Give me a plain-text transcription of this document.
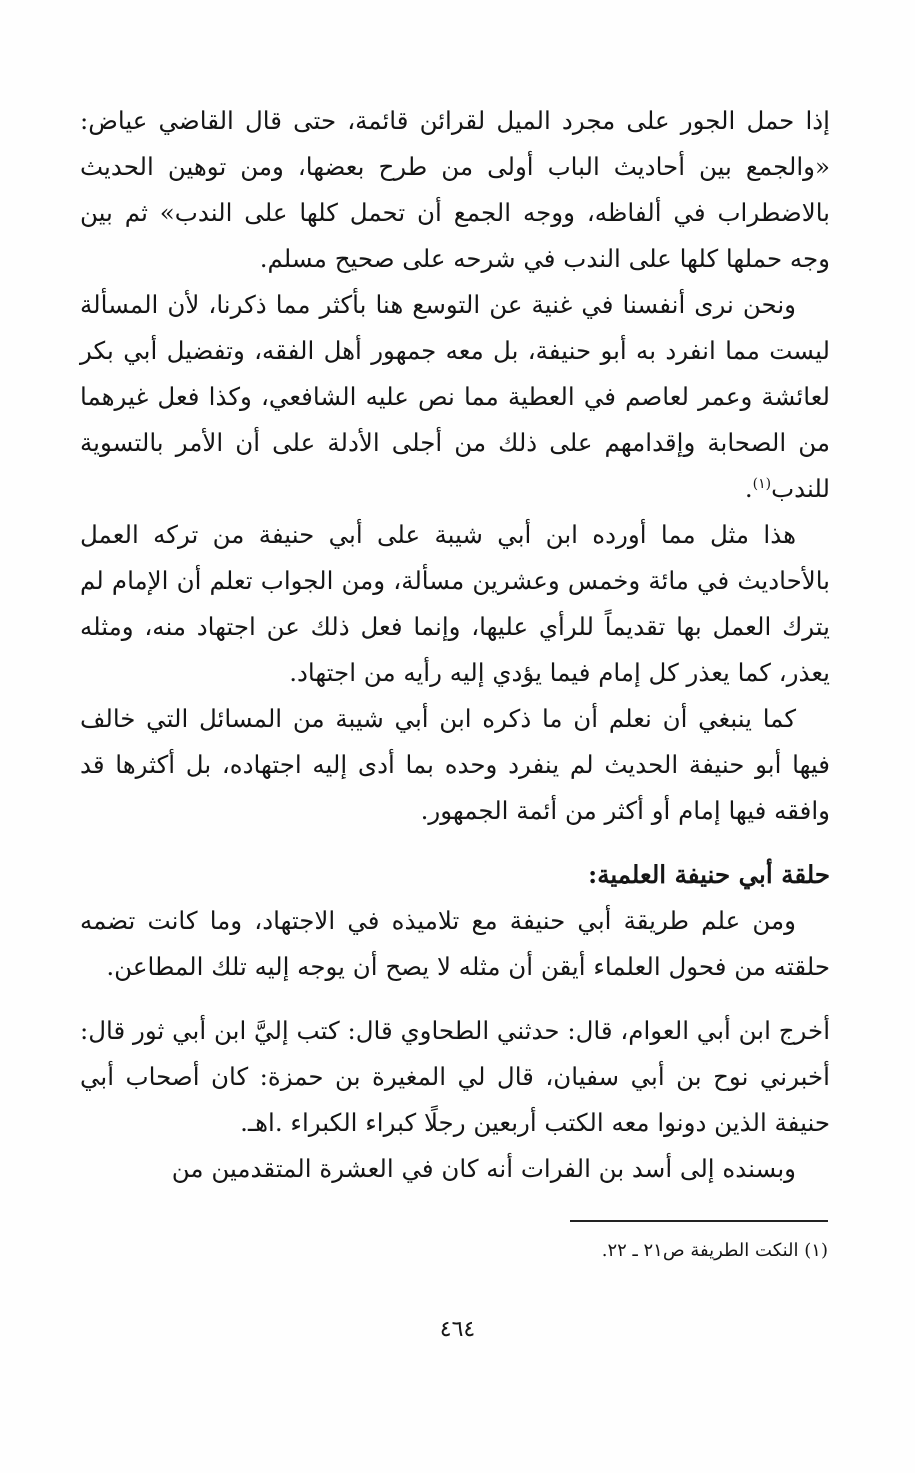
إذا حمل الجور على مجرد الميل لقرائن قائمة، حتى قال القاضي عياض: «والجمع بين أحاديث الباب أولى من طرح بعضها، ومن توهين الحديث بالاضطراب في ألفاظه، ووجه الجمع أن تحمل كلها على الندب» ثم بين وجه حملها كلها على الندب في شرحه على صحيح مسلم.

ونحن نرى أنفسنا في غنية عن التوسع هنا بأكثر مما ذكرنا، لأن المسألة ليست مما انفرد به أبو حنيفة، بل معه جمهور أهل الفقه، وتفضيل أبي بكر لعائشة وعمر لعاصم في العطية مما نص عليه الشافعي، وكذا فعل غيرهما من الصحابة وإقدامهم على ذلك من أجلى الأدلة على أن الأمر بالتسوية للندب$^{(١)}$.

هذا مثل مما أورده ابن أبي شيبة على أبي حنيفة من تركه العمل بالأحاديث في مائة وخمس وعشرين مسألة، ومن الجواب تعلم أن الإمام لم يترك العمل بها تقديماً للرأي عليها، وإنما فعل ذلك عن اجتهاد منه، ومثله يعذر، كما يعذر كل إمام فيما يؤدي إليه رأيه من اجتهاد.

كما ينبغي أن نعلم أن ما ذكره ابن أبي شيبة من المسائل التي خالف فيها أبو حنيفة الحديث لم ينفرد وحده بما أدى إليه اجتهاده، بل أكثرها قد وافقه فيها إمام أو أكثر من أئمة الجمهور.

حلقة أبي حنيفة العلمية:

ومن علم طريقة أبي حنيفة مع تلاميذه في الاجتهاد، وما كانت تضمه حلقته من فحول العلماء أيقن أن مثله لا يصح أن يوجه إليه تلك المطاعن.

أخرج ابن أبي العوام، قال: حدثني الطحاوي قال: كتب إليَّ ابن أبي ثور قال: أخبرني نوح بن أبي سفيان، قال لي المغيرة بن حمزة: كان أصحاب أبي حنيفة الذين دونوا معه الكتب أربعين رجلًا كبراء الكبراء .اهـ.

وبسنده إلى أسد بن الفرات أنه كان في العشرة المتقدمين من

(١) النكت الطريفة ص٢١ ـ ٢٢.
٤٦٤
